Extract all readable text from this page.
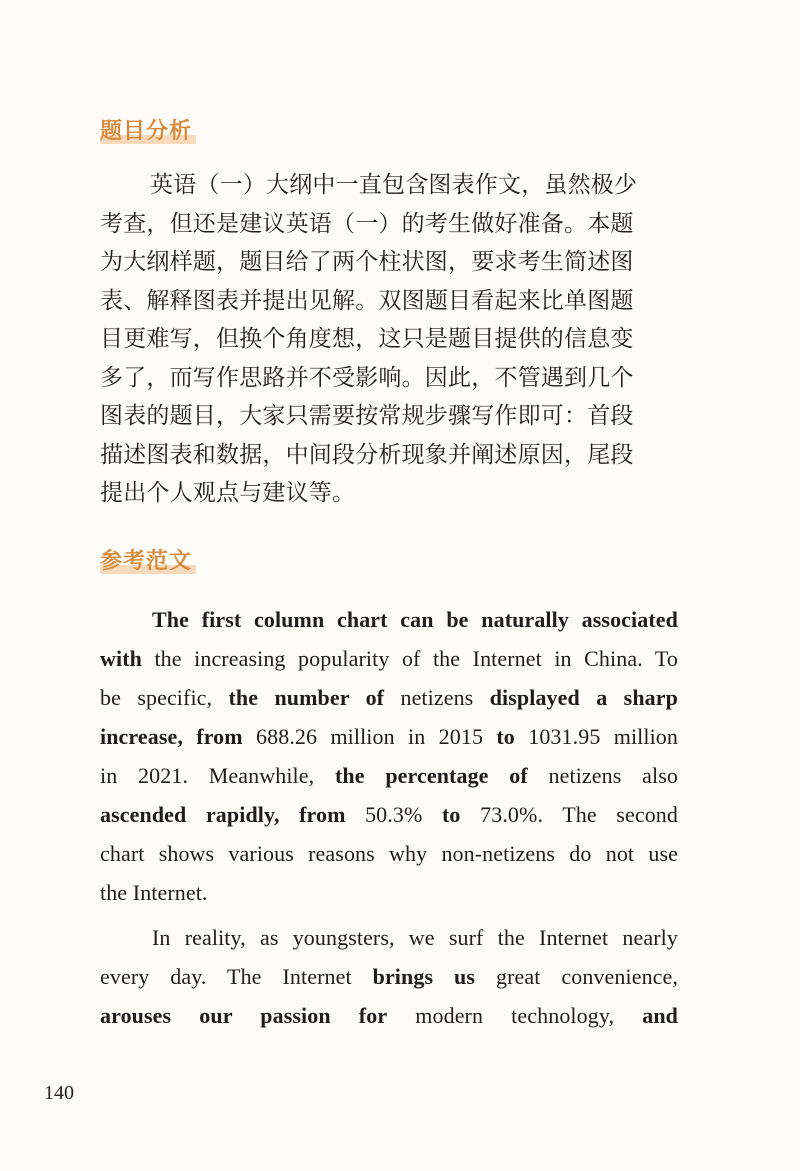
题目分析
英语（一）大纲中一直包含图表作文，虽然极少
考查，但还是建议英语（一）的考生做好准备。本题
为大纲样题，题目给了两个柱状图，要求考生简述图
表、解释图表并提出见解。双图题目看起来比单图题
目更难写，但换个角度想，这只是题目提供的信息变
多了，而写作思路并不受影响。因此，不管遇到几个
图表的题目，大家只需要按常规步骤写作即可：首段
描述图表和数据，中间段分析现象并阐述原因，尾段
提出个人观点与建议等。
参考范文
The first column chart can be naturally associated
with the increasing popularity of the Internet in China. To
be specific, the number of netizens displayed a sharp
increase, from 688.26 million in 2015 to 1031.95 million
in 2021. Meanwhile, the percentage of netizens also
ascended rapidly, from 50.3% to 73.0%. The second
chart shows various reasons why non-netizens do not use
the Internet.
In reality, as youngsters, we surf the Internet nearly
every day. The Internet brings us great convenience,
arouses our passion for modern technology, and
140
